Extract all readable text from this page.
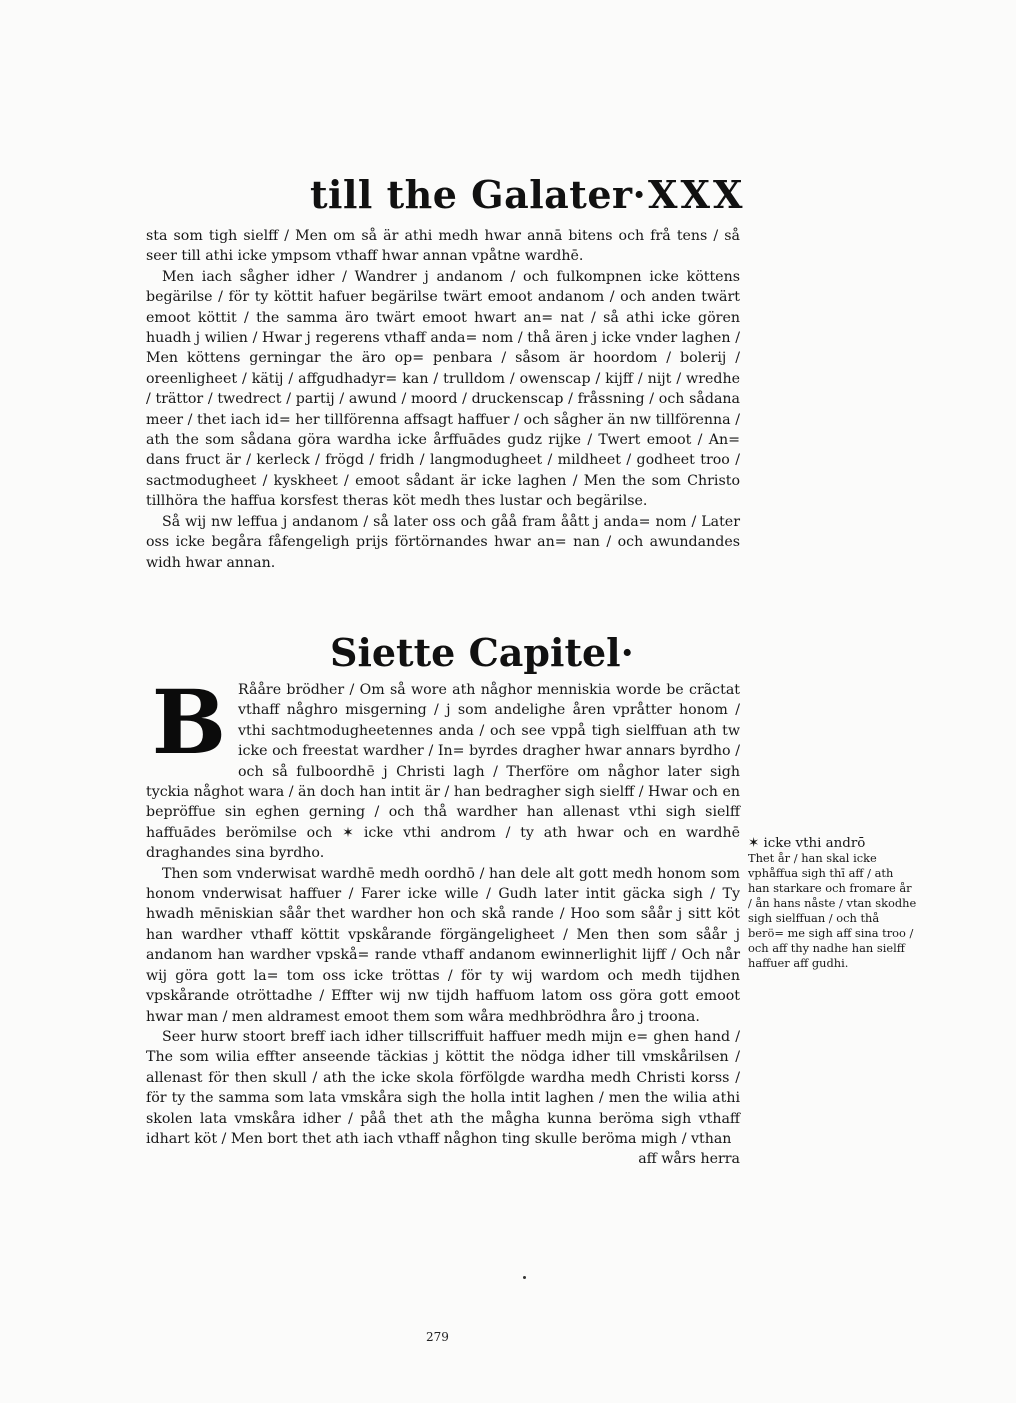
till the Galater· XXX

sta som tigh sielff / Men om så är athi medh hwar annā bitens och frå tens / så seer till athi icke ympsom vthaff hwar annan vpåtne wardhē.

Men iach sågher idher / Wandrer j andanom / och fulkompnen icke köttens begärilse / för ty köttit hafuer begärilse twärt emoot andanom / och anden twärt emoot köttit / the samma äro twärt emoot hwart an= nat / så athi icke gören huadh j wilien / Hwar j regerens vthaff anda= nom / thå ären j icke vnder laghen / Men köttens gerningar the äro op= penbara / såsom är hoordom / bolerij / oreenligheet / kätij / affgudhadyr= kan / trulldom / owenscap / kijff / nijt / wredhe / trättor / twedrect / partij / awund / moord / druckenscap / fråssning / och sådana meer / thet iach id= her tillförenna affsagt haffuer / och sågher än nw tillförenna / ath the som sådana göra wardha icke årffuādes gudz rijke / Twert emoot / An= dans fruct är / kerleck / frögd / fridh / langmodugheet / mildheet / godheet troo / sactmodugheet / kyskheet / emoot sådant är icke laghen / Men the som Christo tillhöra the haffua korsfest theras köt medh thes lustar och begärilse.

Så wij nw leffua j andanom / så later oss och gåå fram åått j anda= nom / Later oss icke begåra fåfengeligh prijs förtörnandes hwar an= nan / och awundandes widh hwar annan.

Siette Capitel·
B Rååre brödher / Om så wore ath någhor menniskia worde be crãctat vthaff någhro misgerning / j som andelighe åren vpråtter honom / vthi sachtmodugheetennes anda / och see vppå tigh sielffuan ath tw icke och freestat wardher / In= byrdes dragher hwar annars byrdho / och så fulboordhē j Christi lagh / Therföre om någhor later sigh tyckia någhot wara / än doch han intit är / han bedragher sigh sielff / Hwar och en bepröffue sin eghen gerning / och thå wardher han allenast vthi sigh sielff haffuādes berömilse och ✶ icke vthi androm / ty ath hwar och en wardhē draghandes sina byrdho.

Then som vnderwisat wardhē medh oordhō / han dele alt gott medh honom som honom vnderwisat haffuer / Farer icke wille / Gudh later intit gäcka sigh / Ty hwadh mēniskian såår thet wardher hon och skå rande / Hoo som såår j sitt köt han wardher vthaff köttit vpskårande förgängeligheet / Men then som såår j andanom han wardher vpskå= rande vthaff andanom ewinnerlighit lijff / Och når wij göra gott la= tom oss icke tröttas / för ty wij wardom och medh tijdhen vpskårande otröttadhe / Effter wij nw tijdh haffuom latom oss göra gott emoot hwar man / men aldramest emoot them som wåra medhbrödhra åro j troona.

Seer hurw stoort breff iach idher tillscriffuit haffuer medh mijn e= ghen hand / The som wilia effter anseende täckias j köttit the nödga idher till vmskårilsen / allenast för then skull / ath the icke skola förfölgde wardha medh Christi korss / för ty the samma som lata vmskåra sigh the holla intit laghen / men the wilia athi skolen lata vmskåra idher / påå thet ath the mågha kunna beröma sigh vthaff idhart köt / Men bort thet ath iach vthaff någhon ting skulle beröma migh / vthan

aff wårs herra

✶ icke vthi andrō
Thet år / han skal icke vphåffua sigh thī aff / ath han starkare och fromare år / ån hans nåste / vtan skodhe sigh sielffuan / och thå berö= me sigh aff sina troo / och aff thy nadhe han sielff haffuer aff gudhi.
279
